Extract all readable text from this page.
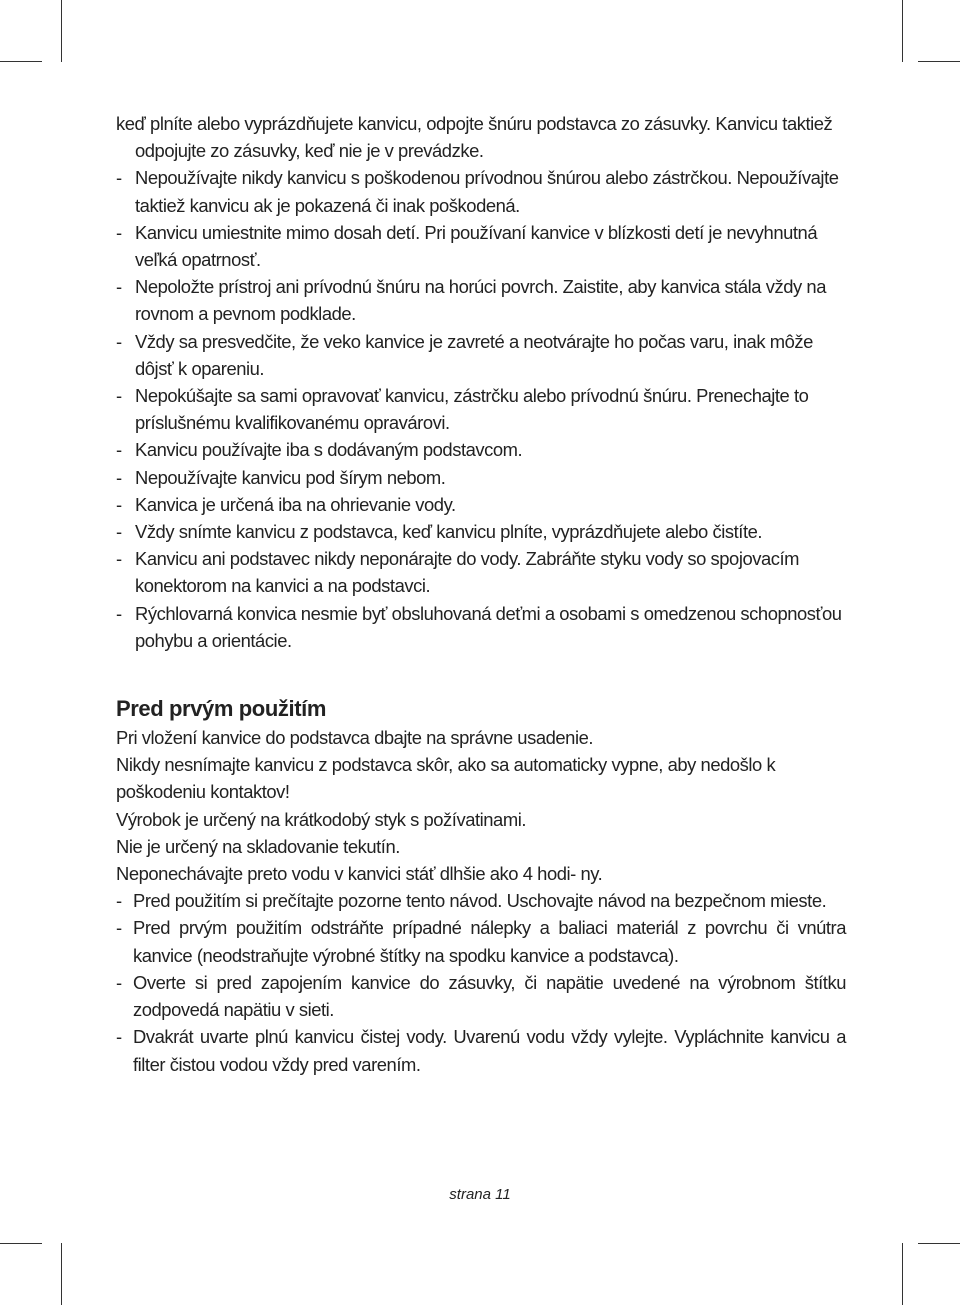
keď plníte alebo vyprázdňujete kanvicu, odpojte šnúru podstavca zo zásuvky. Kanvicu taktiež odpojujte zo zásuvky, keď nie je v prevádzke.

- Nepoužívajte nikdy kanvicu s poškodenou prívodnou šnúrou alebo zástrčkou. Nepoužívajte taktiež kanvicu ak je pokazená či inak poškodená.
- Kanvicu umiestnite mimo dosah detí. Pri používaní kanvice v blízkosti detí je nevyhnutná veľká opatrnosť.
- Nepoložte prístroj ani prívodnú šnúru na horúci povrch. Zaistite, aby kanvica stála vždy na rovnom a pevnom podklade.
- Vždy sa presvedčite, že veko kanvice je zavreté a neotvárajte ho počas varu, inak môže dôjsť k opareniu.
- Nepokúšajte sa sami opravovať kanvicu, zástrčku alebo prívodnú šnúru. Prenechajte to príslušnému kvalifikovanému opravárovi.
- Kanvicu používajte iba s dodávaným podstavcom.
- Nepoužívajte kanvicu pod šírym nebom.
- Kanvica je určená iba na ohrievanie vody.
- Vždy snímte kanvicu z podstavca, keď kanvicu plníte, vyprázdňujete alebo čistíte.
- Kanvicu ani podstavec nikdy neponárajte do vody. Zabráňte styku vody so spojovacím konektorom na kanvici a na podstavci.
- Rýchlovarná konvica nesmie byť obsluhovaná deťmi a osobami s omedzenou schopnosťou pohybu a orientácie.
Pred prvým použitím

Pri vložení kanvice do podstavca dbajte na správne usadenie.

Nikdy nesnímajte kanvicu z podstavca skôr, ako sa automaticky vypne, aby nedošlo k poškodeniu kontaktov!

Výrobok je určený na krátkodobý styk s požívatinami.

Nie je určený na skladovanie tekutín.

Neponechávajte preto vodu v kanvici stáť dlhšie ako 4 hodi- ny.

- Pred použitím si prečítajte pozorne tento návod. Uschovajte návod na bezpečnom mieste.
- Pred prvým použitím odstráňte prípadné nálepky a baliaci materiál z povrchu či vnútra kanvice (neodstraňujte výrobné štítky na spodku kanvice a podstavca).
- Overte si pred zapojením kanvice do zásuvky, či napätie uvedené na výrobnom štítku zodpovedá napätiu v sieti.
- Dvakrát uvarte plnú kanvicu čistej vody. Uvarenú vodu vždy vylejte. Vypláchnite kanvicu a filter čistou vodou vždy pred varením.
strana 11
